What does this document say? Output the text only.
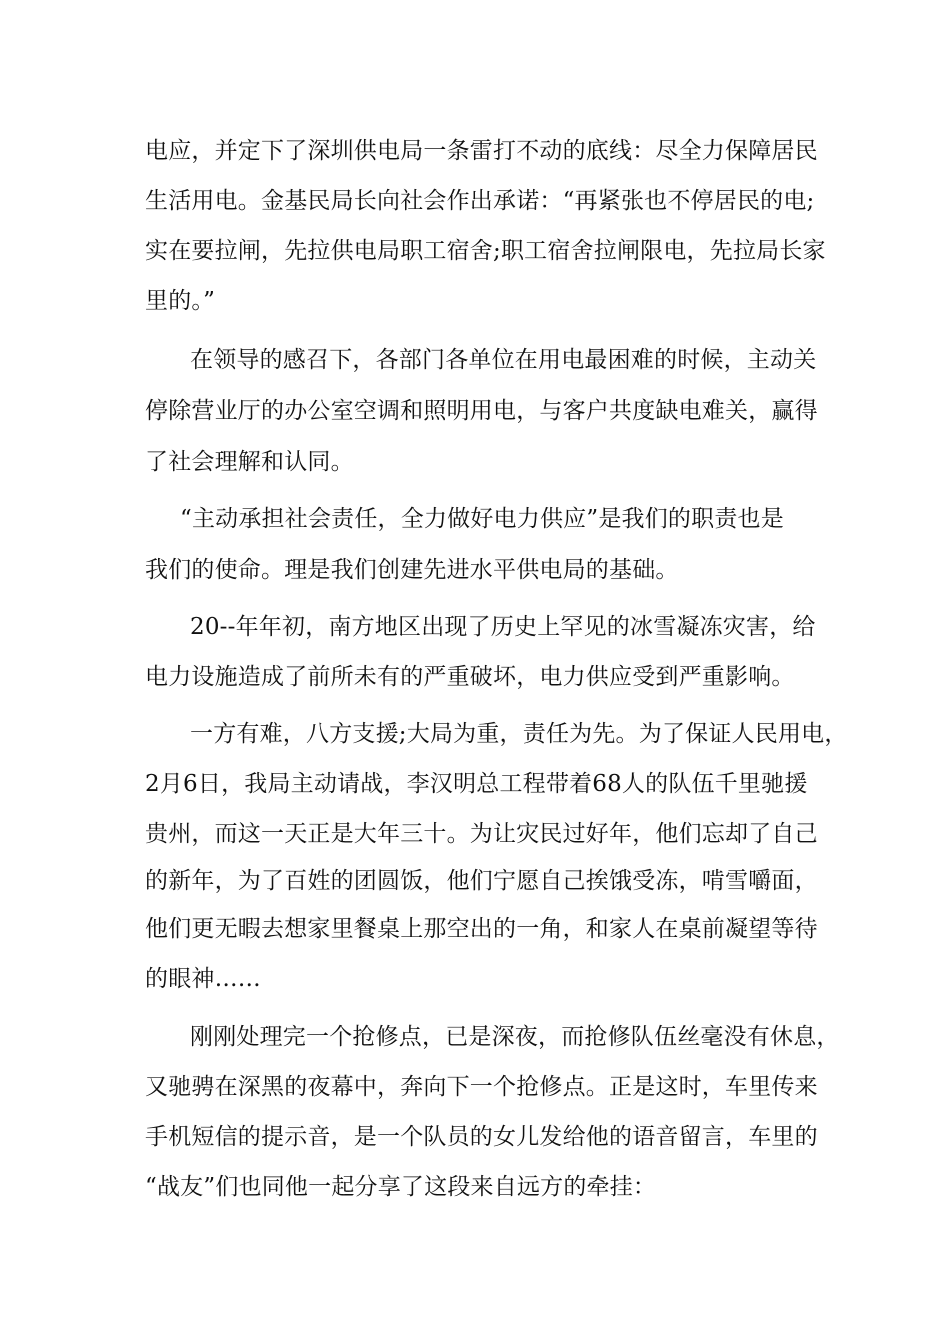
电应，并定下了深圳供电局一条雷打不动的底线：尽全力保障居民
生活用电。金基民局长向社会作出承诺：“再紧张也不停居民的电;
实在要拉闸，先拉供电局职工宿舍;职工宿舍拉闸限电，先拉局长家
里的。”
在领导的感召下，各部门各单位在用电最困难的时候，主动关
停除营业厅的办公室空调和照明用电，与客户共度缺电难关，赢得
了社会理解和认同。
“主动承担社会责任，全力做好电力供应”是我们的职责也是
我们的使命。理是我们创建先进水平供电局的基础。
20--年年初，南方地区出现了历史上罕见的冰雪凝冻灾害，给
电力设施造成了前所未有的严重破坏，电力供应受到严重影响。
一方有难，八方支援;大局为重，责任为先。为了保证人民用电，
2月6日，我局主动请战，李汉明总工程带着68人的队伍千里驰援
贵州，而这一天正是大年三十。为让灾民过好年，他们忘却了自己
的新年，为了百姓的团圆饭，他们宁愿自己挨饿受冻，啃雪嚼面，
他们更无暇去想家里餐桌上那空出的一角，和家人在桌前凝望等待
的眼神……
刚刚处理完一个抢修点，已是深夜，而抢修队伍丝毫没有休息，
又驰骋在深黑的夜幕中，奔向下一个抢修点。正是这时，车里传来
手机短信的提示音，是一个队员的女儿发给他的语音留言，车里的
“战友”们也同他一起分享了这段来自远方的牵挂：
